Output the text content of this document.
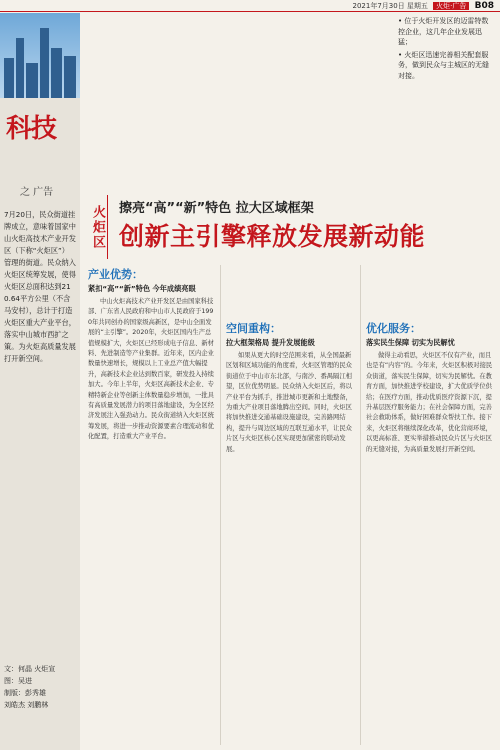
2021年7月30日 星期五 火炬·广告 B08
科技
之 广告
7月20日，民众街道挂牌成立，意味着国家中山火炬高技术产业开发区（下称“火炬区”）管理的街道。民众纳入火炬区统筹发展，使得火炬区总面积达到210.64平方公里（不含马安村），总计于打造火炬区重大产业平台，落实中山城市西扩之策。为火炬高质量发展打开新空间。
文：何晶 火炬宣
图：吴进
制版：彭秀雄
刘皓杰 刘鹏林

• 位于火炬开发区的迈雷特数控企业，这几年企业发展迅猛；

• 火炬区迅速完善相关配套服务，做到民众与主城区的无缝对接。

火炬区 擦亮“高”“新”特色 拉大区域框架
创新主引擎释放发展新动能
产业优势：
紧扣“高”“新”特色 今年成绩亮眼

中山火炬高技术产业开发区是由国家科技部、广东省人民政府和中山市人民政府于1990年共同创办的国家级高新区，是中山全面发展的“主引擎”。2020年，火炬区国内生产总值规模扩大，火炬区已经形成电子信息、新材料、先进制造等产业集群。近年来，区内企业数量快速增长，规模以上工业总产值大幅提升，高新技术企业达到数百家，研发投入持续加大。今年上半年，火炬区高新技术企业、专精特新企业等创新主体数量稳步增加，一批具有高质量发展潜力的项目落地建设，为全区经济发展注入强劲动力。民众街道纳入火炬区统筹发展，将进一步推动资源要素合理流动和优化配置，打造重大产业平台。

空间重构：
拉大框架格局 提升发展能级

如果从更大的时空范围来看，从全国最新区划和区域功能的角度看，火炬区管理的民众街道位于中山市东北部，与南沙、番禺隔江相望，区位优势明显。民众纳入火炬区后，将以产业平台为抓手，推进城市更新和土地整备，为重大产业项目落地腾出空间。同时，火炬区将加快推进交通基础设施建设，完善路网结构，提升与周边区域的互联互通水平，让民众片区与火炬区核心区实现更加紧密的联动发展。

优化服务：
落实民生保障 切实为民解忧

做得主动看思，火炬区不仅有产业，而且也是有“内容”的。今年来，火炬区积极对接民众街道，落实民生保障，切实为民解忧。在教育方面，加快推进学校建设，扩大优质学位供给；在医疗方面，推动优质医疗资源下沉，提升基层医疗服务能力；在社会保障方面，完善社会救助体系，做好困难群众帮扶工作。接下来，火炬区将继续深化改革，优化营商环境，以更高标准、更实举措推动民众片区与火炬区的无缝对接，为高质量发展打开新空间。
